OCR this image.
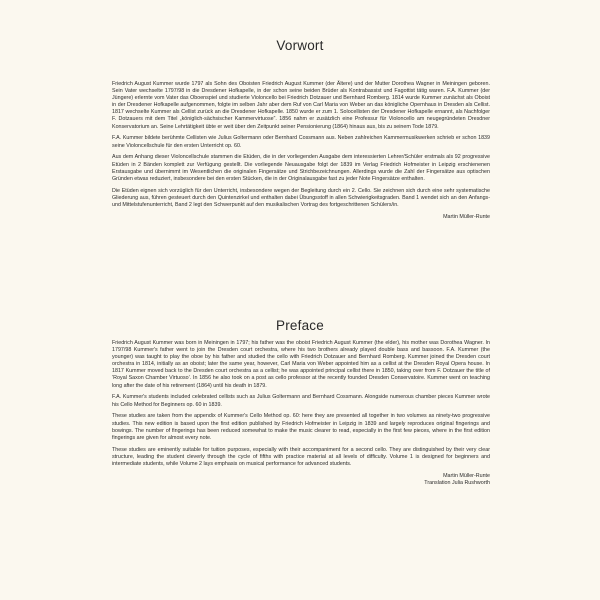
Vorwort

Friedrich August Kummer wurde 1797 als Sohn des Oboisten Friedrich August Kummer (der Ältere) und der Mutter Dorothea Wagner in Meiningen geboren. Sein Vater wechselte 1797/98 in die Dresdener Hofkapelle, in der schon seine beiden Brüder als Kontrabassist und Fagottist tätig waren. F.A. Kummer (der Jüngere) erlernte vom Vater das Oboenspiel und studierte Violoncello bei Friedrich Dotzauer und Bernhard Romberg. 1814 wurde Kummer zunächst als Oboist in der Dresdener Hofkapelle aufgenommen, folgte im selben Jahr aber dem Ruf von Carl Maria von Weber an das königliche Opernhaus in Dresden als Cellist. 1817 wechselte Kummer als Cellist zurück an die Dresdener Hofkapelle. 1850 wurde er zum 1. Solocellisten der Dresdener Hofkapelle ernannt, als Nachfolger F. Dotzauers mit dem Titel „königlich-sächsischer Kammervirtuose“. 1856 nahm er zusätzlich eine Professur für Violoncello am neugegründeten Dresdner Konservatorium an. Seine Lehrtätigkeit übte er weit über den Zeitpunkt seiner Pensionierung (1864) hinaus aus, bis zu seinem Tode 1879.

F.A. Kummer bildete berühmte Cellisten wie Julius Goltermann oder Bernhard Cossmann aus. Neben zahlreichen Kammermusikwerken schrieb er schon 1839 seine Violoncellschule für den ersten Unterricht op. 60.

Aus dem Anhang dieser Violoncellschule stammen die Etüden, die in der vorliegenden Ausgabe dem interessierten Lehrer/Schüler erstmals als 92 progressive Etüden in 2 Bänden komplett zur Verfügung gestellt. Die vorliegende Neuausgabe folgt der 1839 im Verlag Friedrich Hofmeister in Leipzig erschienenen Erstausgabe und übernimmt im Wesentlichen die originalen Fingersätze und Strichbezeichnungen. Allerdings wurde die Zahl der Fingersätze aus optischen Gründen etwas reduziert, insbesondere bei den ersten Stücken, die in der Originalausgabe fast zu jeder Note Fingersätze enthalten.

Die Etüden eignen sich vorzüglich für den Unterricht, insbesondere wegen der Begleitung durch ein 2. Cello. Sie zeichnen sich durch eine sehr systematische Gliederung aus, führen gesteuert durch den Quintenzirkel und enthalten dabei Übungsstoff in allen Schwierigkeitsgraden. Band 1 wendet sich an den Anfangs- und Mittelstufenunterricht, Band 2 legt den Schwerpunkt auf den musikalischen Vortrag des fortgeschrittenen Schülers/in.

Martin Müller-Runte

Preface

Friedrich August Kummer was born in Meiningen in 1797; his father was the oboist Friedrich August Kummer (the elder), his mother was Dorothea Wagner. In 1797/98 Kummer's father went to join the Dresden court orchestra, where his two brothers already played double bass and bassoon. F.A. Kummer (the younger) was taught to play the oboe by his father and studied the cello with Friedrich Dotzauer and Bernhard Romberg. Kummer joined the Dresden court orchestra in 1814, initially as an oboist; later the same year, however, Carl Maria von Weber appointed him as a cellist at the Dresden Royal Opera house. In 1817 Kummer moved back to the Dresden court orchestra as a cellist; he was appointed principal cellist there in 1850, taking over from F. Dotzauer the title of ‘Royal Saxon Chamber Virtuoso’. In 1856 he also took on a post as cello professor at the recently founded Dresden Conservatoire. Kummer went on teaching long after the date of his retirement (1864) until his death in 1879.

F.A. Kummer's students included celebrated cellists such as Julius Goltermann and Bernhard Cossmann. Alongside numerous chamber pieces Kummer wrote his Cello Method for Beginners op. 60 in 1839.

These studies are taken from the appendix of Kummer's Cello Method op. 60: here they are presented all together in two volumes as ninety-two progressive studies. This new edition is based upon the first edition published by Friedrich Hofmeister in Leipzig in 1839 and largely reproduces original fingerings and bowings. The number of fingerings has been reduced somewhat to make the music clearer to read, especially in the first few pieces, where in the first edition fingerings are given for almost every note.

These studies are eminently suitable for tuition purposes, especially with their accompaniment for a second cello. They are distinguished by their very clear structure, leading the student cleverly through the cycle of fifths with practice material at all levels of difficulty. Volume 1 is designed for beginners and intermediate students, while Volume 2 lays emphasis on musical performance for advanced students.

Martin Müller-Runte
Translation Julia Rushworth
